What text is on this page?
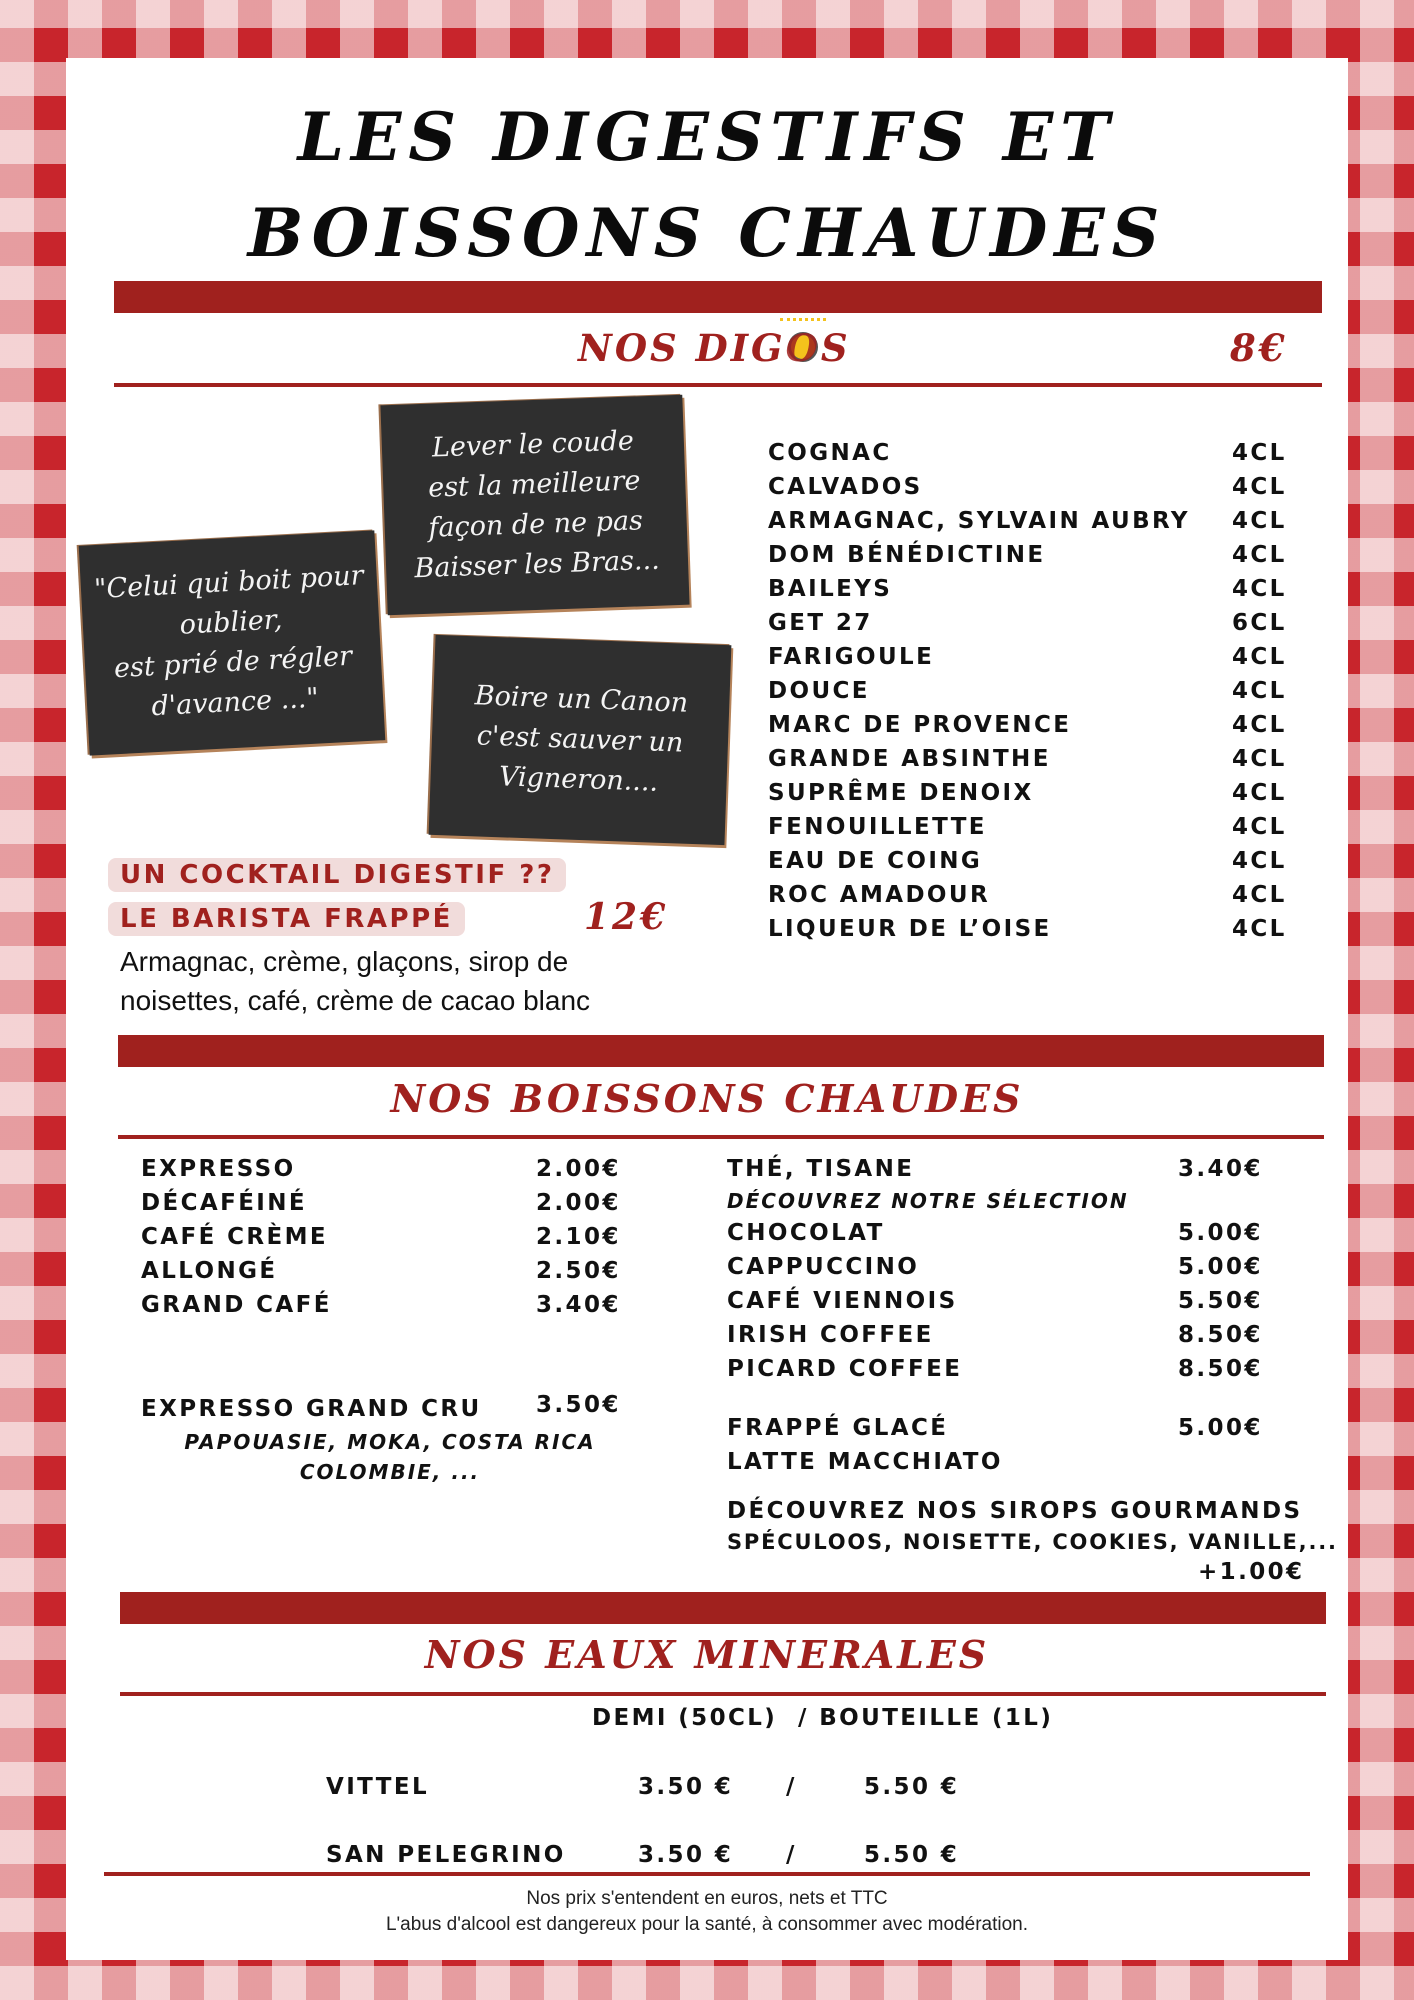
LES DIGESTIFS ET
BOISSONS CHAUDES
NOS DIG
OS	8€
Lever le coude
est la meilleure
façon de ne pas
Baisser les Bras...
"Celui qui boit pour
oublier,
est prié de régler
d'avance ..."	Boire un Canon
c'est sauver un
Vigneron....
COGNAC	4CL
CALVADOS	4CL
ARMAGNAC, SYLVAIN AUBRY 4CL
DOM BÉNÉDICTINE	4CL
BAILEYS	4CL
GET 27	6CL
FARIGOULE	4CL
DOUCE	4CL
MARC DE PROVENCE	4CL
GRANDE ABSINTHE	4CL
SUPRÊME DENOIX	4CL
FENOUILLETTE	4CL
EAU DE COING	4CL
ROC AMADOUR	4CL
LIQUEUR DE L’OISE	4CL
UN COCKTAIL DIGESTIF ??
LE BARISTA FRAPPÉ	12€
Armagnac, crème, glaçons, sirop de
noisettes, café, crème de cacao blanc
NOS BOISSONS CHAUDES
EXPRESSO	2.00€
DÉCAFÉINÉ	2.00€
CAFÉ CRÈME	2.10€
ALLONGÉ	2.50€
GRAND CAFÉ	3.40€
EXPRESSO GRAND CRU 3.50€
PAPOUASIE, MOKA, COSTA RICA
COLOMBIE, ...
THÉ, TISANE	3.40€
DÉCOUVREZ NOTRE SÉLECTION
CHOCOLAT	5.00€
CAPPUCCINO	5.00€
CAFÉ VIENNOIS	5.50€
IRISH COFFEE	8.50€
PICARD COFFEE	8.50€
FRAPPÉ GLACÉ	5.00€
LATTE MACCHIATO
DÉCOUVREZ NOS SIROPS GOURMANDS
SPÉCULOOS, NOISETTE, COOKIES, VANILLE,...
+1.00€
NOS EAUX MINERALES
DEMI (50CL)  / BOUTEILLE (1L)
VITTEL	3.50 € /	5.50 €
SAN PELEGRINO	3.50 € /	5.50 €
Nos prix s'entendent en euros, nets et TTC
L'abus d'alcool est dangereux pour la santé, à consommer avec modération.
